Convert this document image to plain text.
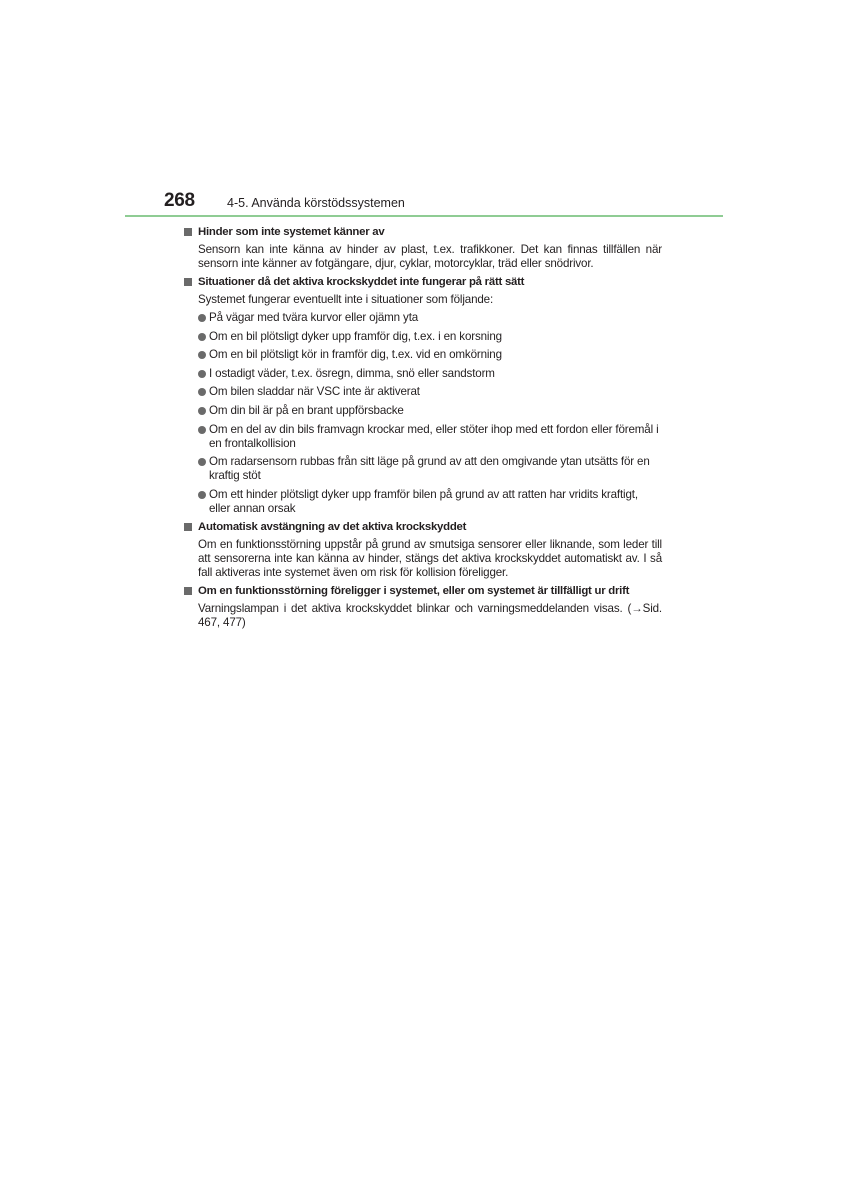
268	4-5. Använda körstödssystemen
Hinder som inte systemet känner av
Sensorn kan inte känna av hinder av plast, t.ex. trafikkoner. Det kan finnas tillfällen när sensorn inte känner av fotgängare, djur, cyklar, motorcyklar, träd eller snödrivor.
Situationer då det aktiva krockskyddet inte fungerar på rätt sätt
Systemet fungerar eventuellt inte i situationer som följande:
På vägar med tvära kurvor eller ojämn yta
Om en bil plötsligt dyker upp framför dig, t.ex. i en korsning
Om en bil plötsligt kör in framför dig, t.ex. vid en omkörning
I ostadigt väder, t.ex. ösregn, dimma, snö eller sandstorm
Om bilen sladdar när VSC inte är aktiverat
Om din bil är på en brant uppförsbacke
Om en del av din bils framvagn krockar med, eller stöter ihop med ett fordon eller föremål i en frontalkollision
Om radarsensorn rubbas från sitt läge på grund av att den omgivande ytan utsätts för en kraftig stöt
Om ett hinder plötsligt dyker upp framför bilen på grund av att ratten har vridits kraftigt, eller annan orsak
Automatisk avstängning av det aktiva krockskyddet
Om en funktionsstörning uppstår på grund av smutsiga sensorer eller liknande, som leder till att sensorerna inte kan känna av hinder, stängs det aktiva krockskyddet automatiskt av. I så fall aktiveras inte systemet även om risk för kollision föreligger.
Om en funktionsstörning föreligger i systemet, eller om systemet är tillfälligt ur drift
Varningslampan i det aktiva krockskyddet blinkar och varningsmeddelanden visas. (→Sid. 467, 477)
